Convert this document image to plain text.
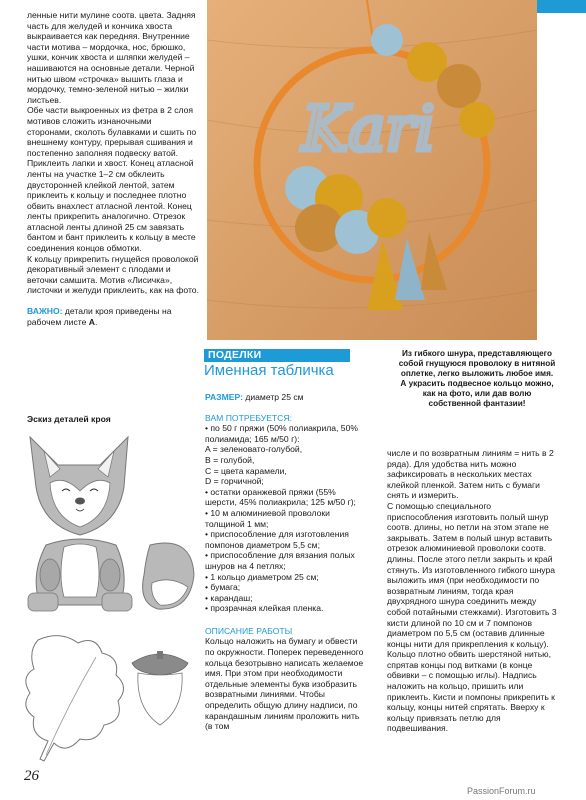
ленные нити мулине соотв. цвета. Задняя часть для желудей и кончика хвоста выкраивается как передняя. Внутренние части мотива – мордочка, нос, брюшко, ушки, кончик хвоста и шляпки желудей – нашиваются на основные детали. Черной нитью швом «строчка» вышить глаза и мордочку, темно-зеленой нитью – жилки листьев.

Обе части выкроенных из фетра в 2 слоя мотивов сложить изнаночными сторонами, сколоть булавками и сшить по внешнему контуру, прерывая сшивания и постепенно заполняя подвеску ватой. Приклеить лапки и хвост. Конец атласной ленты на участке 1–2 см обклеить двусторонней клейкой лентой, затем приклеить к кольцу и последнее плотно обвить внахлест атласной лентой. Конец ленты прикрепить аналогично. Отрезок атласной ленты длиной 25 см завязать бантом и бант приклеить к кольцу в месте соединения концов обмотки.

К кольцу прикрепить гнущейся проволокой декоративный элемент с плодами и веточки самшита. Мотив «Лисичка», листочки и желуди приклеить, как на фото.

ВАЖНО: детали кроя приведены на рабочем листе А.

Эскиз деталей кроя
Kari
ПОДЕЛКИ
Именная табличка

РАЗМЕР: диаметр 25 см

ВАМ ПОТРЕБУЕТСЯ:

• по 50 г пряжи (50% полиакрила, 50% полиамида; 165 м/50 г):

A = зеленовато-голубой,

B = голубой,

C = цвета карамели,

D = горчичной;

• остатки оранжевой пряжи (55% шерсти, 45% полиакрила; 125 м/50 г);

• 10 м алюминиевой проволоки толщиной 1 мм;

• приспособление для изготовления помпонов диаметром 5,5 см;

• приспособление для вязания полых шнуров на 4 петлях;

• 1 кольцо диаметром 25 см;

• бумага;

• карандаш;

• прозрачная клейкая пленка.

ОПИСАНИЕ РАБОТЫ

Кольцо наложить на бумагу и обвести по окружности. Поперек переведенного кольца безотрывно написать желаемое имя. При этом при необходимости отдельные элементы букв изобразить возвратными линиями. Чтобы определить общую длину надписи, по карандашным линиям проложить нить (в том

Из гибкого шнура, представляющего собой гнущуюся проволоку в нитяной оплетке, легко выложить любое имя. А украсить подвесное кольцо можно, как на фото, или дав волю собственной фантазии!
числе и по возвратным линиям = нить в 2 ряда). Для удобства нить можно зафиксировать в нескольких местах клейкой пленкой. Затем нить с бумаги снять и измерить.
С помощью специального приспособления изготовить полый шнур соотв. длины, но петли на этом этапе не закрывать. Затем в полый шнур вставить отрезок алюминиевой проволоки соотв. длины. После этого петли закрыть и край стянуть. Из изготовленного гибкого шнура выложить имя (при необходимости по возвратным линиям, тогда края двухрядного шнура соединить между собой потайными стежками). Изготовить 3 кисти длиной по 10 см и 7 помпонов диаметром по 5,5 см (оставив длинные концы нити для прикрепления к кольцу). Кольцо плотно обвить шерстяной нитью, спрятав концы под витками (в конце обвивки – с помощью иглы). Надпись наложить на кольцо, пришить или приклеить. Кисти и помпоны прикрепить к кольцу, концы нитей спрятать. Вверху к кольцу привязать петлю для подвешивания.
26
PassionForum.ru
